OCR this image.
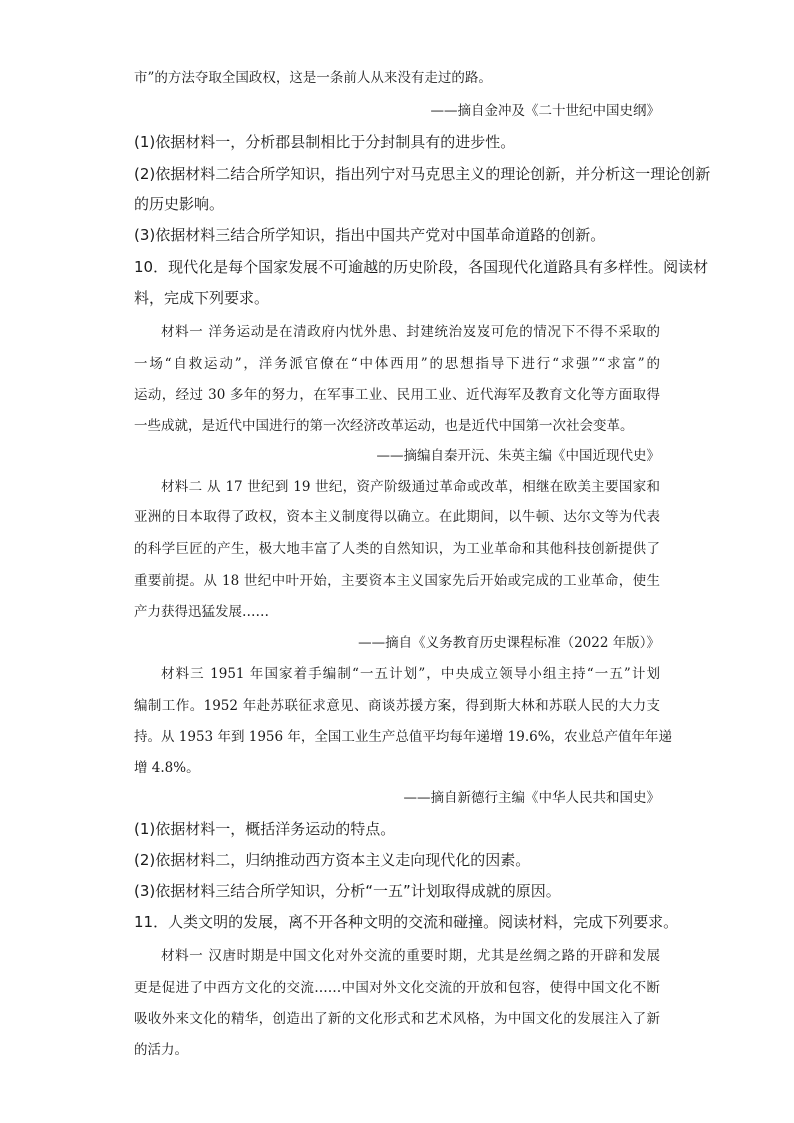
市”的方法夺取全国政权，这是一条前人从来没有走过的路。
——摘自金冲及《二十世纪中国史纲》
(1)依据材料一，分析郡县制相比于分封制具有的进步性。
(2)依据材料二结合所学知识，指出列宁对马克思主义的理论创新，并分析这一理论创新
的历史影响。
(3)依据材料三结合所学知识，指出中国共产党对中国革命道路的创新。
10．现代化是每个国家发展不可逾越的历史阶段，各国现代化道路具有多样性。阅读材
料，完成下列要求。
材料一 洋务运动是在清政府内忧外患、封建统治岌岌可危的情况下不得不采取的
一场“自救运动”，洋务派官僚在“中体西用”的思想指导下进行“求强”“求富”的
运动，经过 30 多年的努力，在军事工业、民用工业、近代海军及教育文化等方面取得
一些成就，是近代中国进行的第一次经济改革运动，也是近代中国第一次社会变革。
——摘编自秦开沅、朱英主编《中国近现代史》
材料二 从 17 世纪到 19 世纪，资产阶级通过革命或改革，相继在欧美主要国家和
亚洲的日本取得了政权，资本主义制度得以确立。在此期间，以牛顿、达尔文等为代表
的科学巨匠的产生，极大地丰富了人类的自然知识，为工业革命和其他科技创新提供了
重要前提。从 18 世纪中叶开始，主要资本主义国家先后开始或完成的工业革命，使生
产力获得迅猛发展……
——摘自《义务教育历史课程标准（2022 年版）》
材料三 1951 年国家着手编制“一五计划”，中央成立领导小组主持“一五”计划
编制工作。1952 年赴苏联征求意见、商谈苏援方案，得到斯大林和苏联人民的大力支
持。从 1953 年到 1956 年，全国工业生产总值平均每年递增 19.6%，农业总产值年年递
增 4.8%。
——摘自新德行主编《中华人民共和国史》
(1)依据材料一，概括洋务运动的特点。
(2)依据材料二，归纳推动西方资本主义走向现代化的因素。
(3)依据材料三结合所学知识，分析“一五”计划取得成就的原因。
11．人类文明的发展，离不开各种文明的交流和碰撞。阅读材料，完成下列要求。
材料一 汉唐时期是中国文化对外交流的重要时期，尤其是丝绸之路的开辟和发展
更是促进了中西方文化的交流……中国对外文化交流的开放和包容，使得中国文化不断
吸收外来文化的精华，创造出了新的文化形式和艺术风格，为中国文化的发展注入了新
的活力。
